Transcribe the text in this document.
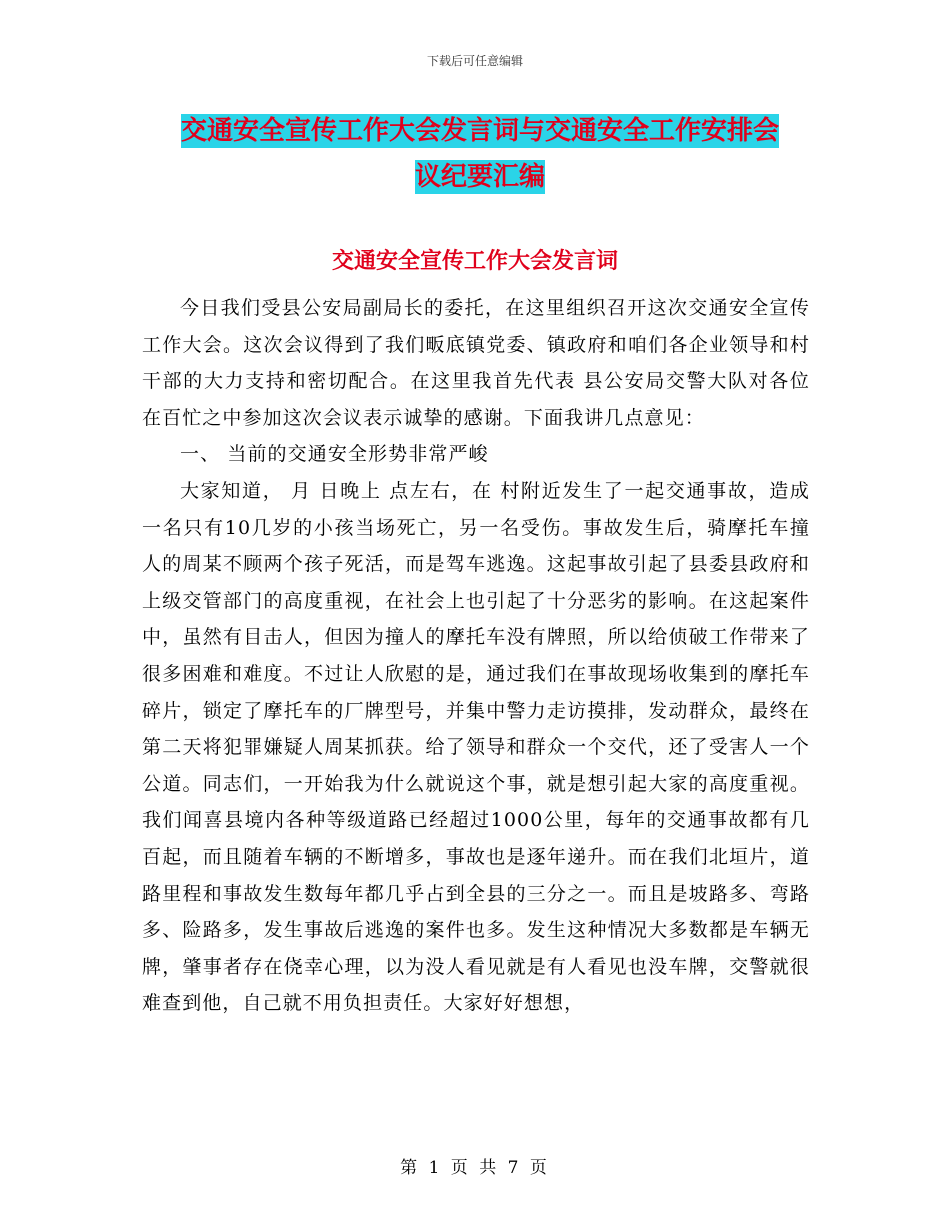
下载后可任意编辑
交通安全宣传工作大会发言词与交通安全工作安排会
议纪要汇编
交通安全宣传工作大会发言词

今日我们受县公安局副局长的委托，在这里组织召开这次交通安全宣传工作大会。这次会议得到了我们畈底镇党委、镇政府和咱们各企业领导和村干部的大力支持和密切配合。在这里我首先代表 县公安局交警大队对各位在百忙之中参加这次会议表示诚挚的感谢。下面我讲几点意见：

一、 当前的交通安全形势非常严峻

大家知道， 月 日晚上 点左右，在 村附近发生了一起交通事故，造成一名只有10几岁的小孩当场死亡，另一名受伤。事故发生后，骑摩托车撞人的周某不顾两个孩子死活，而是驾车逃逸。这起事故引起了县委县政府和上级交管部门的高度重视，在社会上也引起了十分恶劣的影响。在这起案件中，虽然有目击人，但因为撞人的摩托车没有牌照，所以给侦破工作带来了很多困难和难度。不过让人欣慰的是，通过我们在事故现场收集到的摩托车碎片，锁定了摩托车的厂牌型号，并集中警力走访摸排，发动群众，最终在第二天将犯罪嫌疑人周某抓获。给了领导和群众一个交代，还了受害人一个公道。同志们，一开始我为什么就说这个事，就是想引起大家的高度重视。我们闻喜县境内各种等级道路已经超过1000公里，每年的交通事故都有几百起，而且随着车辆的不断增多，事故也是逐年递升。而在我们北垣片，道路里程和事故发生数每年都几乎占到全县的三分之一。而且是坡路多、弯路多、险路多，发生事故后逃逸的案件也多。发生这种情况大多数都是车辆无牌，肇事者存在侥幸心理，以为没人看见就是有人看见也没车牌，交警就很难查到他，自己就不用负担责任。大家好好想想，

第 1 页 共 7 页
